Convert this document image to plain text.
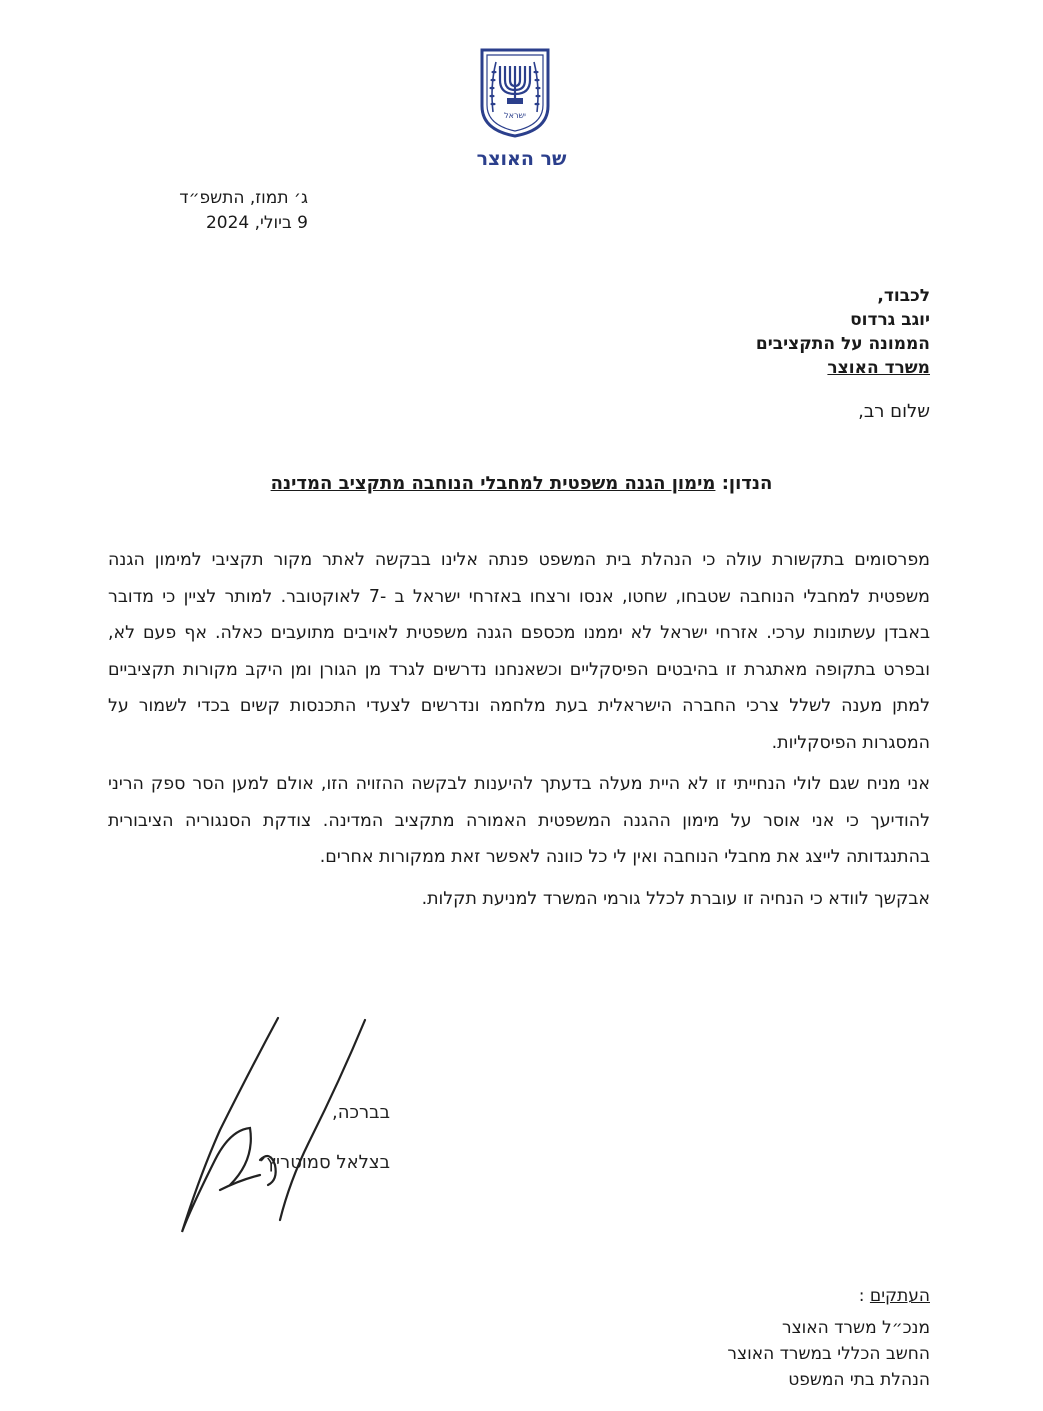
ישראל
שר האוצר
ג׳ תמוז, התשפ״ד
9 ביולי, 2024
לכבוד,
יוגב גרדוס
הממונה על התקציבים
משרד האוצר
שלום רב,
הנדון: מימון הגנה משפטית למחבלי הנוחבה מתקציב המדינה

מפרסומים בתקשורת עולה כי הנהלת בית המשפט פנתה אלינו בבקשה לאתר מקור תקציבי למימון הגנה משפטית למחבלי הנוחבה שטבחו, שחטו, אנסו ורצחו באזרחי ישראל ב -7 לאוקטובר. למותר לציין כי מדובר באבדן עשתונות ערכי. אזרחי ישראל לא יממנו מכספם הגנה משפטית לאויבים מתועבים כאלה. אף פעם לא, ובפרט בתקופה מאתגרת זו בהיבטים הפיסקליים וכשאנחנו נדרשים לגרד מן הגורן ומן היקב מקורות תקציביים למתן מענה לשלל צרכי החברה הישראלית בעת מלחמה ונדרשים לצעדי התכנסות קשים בכדי לשמור על המסגרות הפיסקליות.

אני מניח שגם לולי הנחייתי זו לא היית מעלה בדעתך להיענות לבקשה ההזויה הזו, אולם למען הסר ספק הריני להודיעך כי אני אוסר על מימון ההגנה המשפטית האמורה מתקציב המדינה. צודקת הסנגוריה הציבורית בהתנגדותה לייצג את מחבלי הנוחבה ואין לי כל כוונה לאפשר זאת ממקורות אחרים.

אבקשך לוודא כי הנחיה זו עוברת לכלל גורמי המשרד למניעת תקלות.

בברכה,
בצלאל סמוטריץ׳
העתקים :
מנכ״ל משרד האוצר
החשב הכללי במשרד האוצר
הנהלת בתי המשפט
